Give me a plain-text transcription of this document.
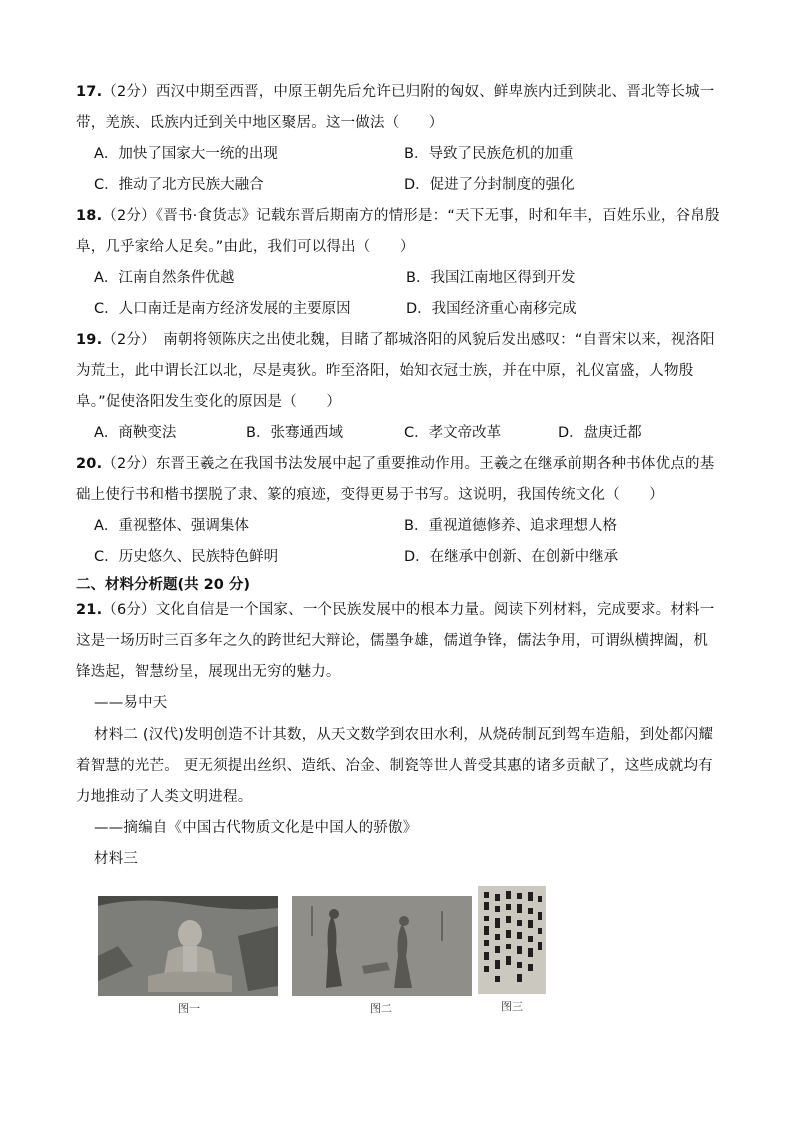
17.（2分）西汉中期至西晋，中原王朝先后允许已归附的匈奴、鲜卑族内迁到陕北、晋北等长城一
带，羌族、氐族内迁到关中地区聚居。这一做法（　　）
A．加快了国家大一统的出现	B．导致了民族危机的加重
C．推动了北方民族大融合	D．促进了分封制度的强化
18.（2分）《晋书·食货志》记载东晋后期南方的情形是：“天下无事，时和年丰，百姓乐业，谷帛殷
阜，几乎家给人足矣。”由此，我们可以得出（　　）
A．江南自然条件优越	B．我国江南地区得到开发
C．人口南迁是南方经济发展的主要原因	D．我国经济重心南移完成
19.（2分）　南朝将领陈庆之出使北魏，目睹了都城洛阳的风貌后发出感叹：“自晋宋以来，视洛阳
为荒土，此中谓长江以北，尽是夷狄。昨至洛阳，始知衣冠士族，并在中原，礼仪富盛，人物殷
阜。”促使洛阳发生变化的原因是（　　）
A．商鞅变法	B．张骞通西域	C．孝文帝改革	D．盘庚迁都
20.（2分）东晋王羲之在我国书法发展中起了重要推动作用。王羲之在继承前期各种书体优点的基
础上使行书和楷书摆脱了隶、篆的痕迹，变得更易于书写。这说明，我国传统文化（　　）
A．重视整体、强调集体	B．重视道德修养、追求理想人格
C．历史悠久、民族特色鲜明	D．在继承中创新、在创新中继承
二、材料分析题(共 20 分)
21.（6分）文化自信是一个国家、一个民族发展中的根本力量。阅读下列材料，完成要求。材料一
这是一场历时三百多年之久的跨世纪大辩论，儒墨争雄，儒道争锋，儒法争用，可谓纵横捭阖，机
锋迭起，智慧纷呈，展现出无穷的魅力。
——易中天
材料二 (汉代)发明创造不计其数，从天文数学到农田水利，从烧砖制瓦到驾车造船，到处都闪耀
着智慧的光芒。 更无须提出丝织、造纸、冶金、制瓷等世人普受其惠的诸多贡献了，这些成就均有
力地推动了人类文明进程。
——摘编自《中国古代物质文化是中国人的骄傲》
材料三
图一	图二	图三
